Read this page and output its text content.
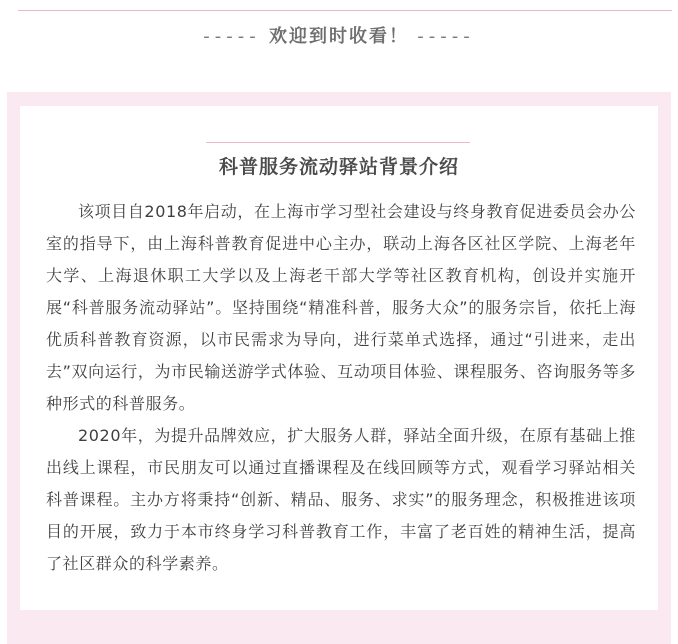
----- 欢迎到时收看！ -----
科普服务流动驿站背景介绍

该项目自2018年启动，在上海市学习型社会建设与终身教育促进委员会办公室的指导下，由上海科普教育促进中心主办，联动上海各区社区学院、上海老年大学、上海退休职工大学以及上海老干部大学等社区教育机构，创设并实施开展“科普服务流动驿站”。坚持围绕“精准科普，服务大众”的服务宗旨，依托上海优质科普教育资源，以市民需求为导向，进行菜单式选择，通过“引进来，走出去”双向运行，为市民输送游学式体验、互动项目体验、课程服务、咨询服务等多种形式的科普服务。

2020年，为提升品牌效应，扩大服务人群，驿站全面升级，在原有基础上推出线上课程，市民朋友可以通过直播课程及在线回顾等方式，观看学习驿站相关科普课程。主办方将秉持“创新、精品、服务、求实”的服务理念，积极推进该项目的开展，致力于本市终身学习科普教育工作，丰富了老百姓的精神生活，提高了社区群众的科学素养。
